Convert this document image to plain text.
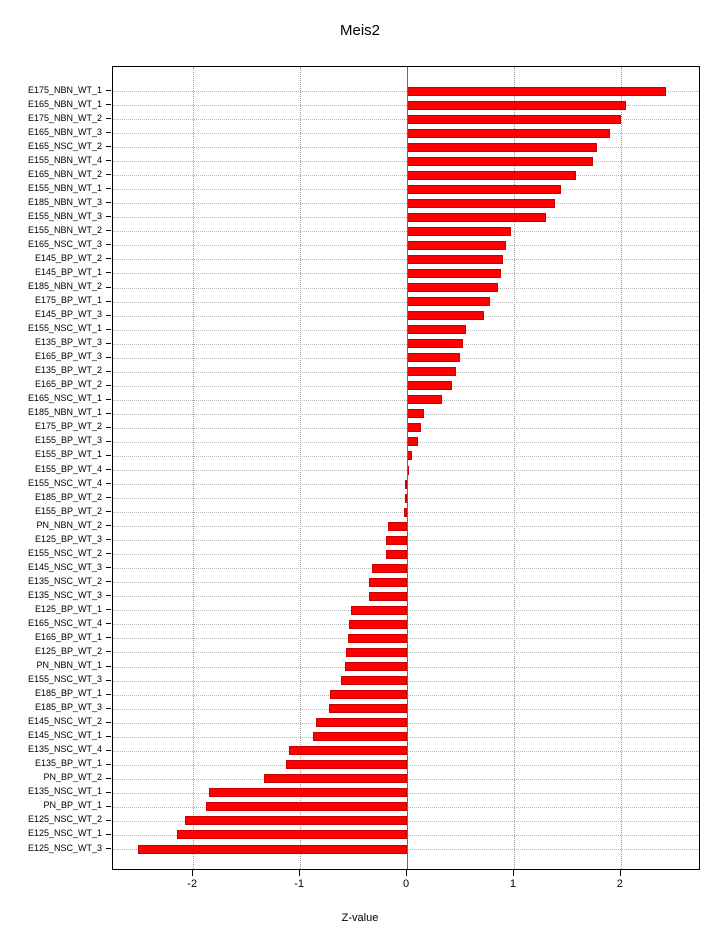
Meis2
E175_NBN_WT_1
E165_NBN_WT_1
E175_NBN_WT_2
E165_NBN_WT_3
E165_NSC_WT_2
E155_NBN_WT_4
E165_NBN_WT_2
E155_NBN_WT_1
E185_NBN_WT_3
E155_NBN_WT_3
E155_NBN_WT_2
E165_NSC_WT_3
E145_BP_WT_2
E145_BP_WT_1
E185_NBN_WT_2
E175_BP_WT_1
E145_BP_WT_3
E155_NSC_WT_1
E135_BP_WT_3
E165_BP_WT_3
E135_BP_WT_2
E165_BP_WT_2
E165_NSC_WT_1
E185_NBN_WT_1
E175_BP_WT_2
E155_BP_WT_3
E155_BP_WT_1
E155_BP_WT_4
E155_NSC_WT_4
E185_BP_WT_2
E155_BP_WT_2
PN_NBN_WT_2
E125_BP_WT_3
E155_NSC_WT_2
E145_NSC_WT_3
E135_NSC_WT_2
E135_NSC_WT_3
E125_BP_WT_1
E165_NSC_WT_4
E165_BP_WT_1
E125_BP_WT_2
PN_NBN_WT_1
E155_NSC_WT_3
E185_BP_WT_1
E185_BP_WT_3
E145_NSC_WT_2
E145_NSC_WT_1
E135_NSC_WT_4
E135_BP_WT_1
PN_BP_WT_2
E135_NSC_WT_1
PN_BP_WT_1
E125_NSC_WT_2
E125_NSC_WT_1
E125_NSC_WT_3
-2	-1	0	1	2
Z-value
